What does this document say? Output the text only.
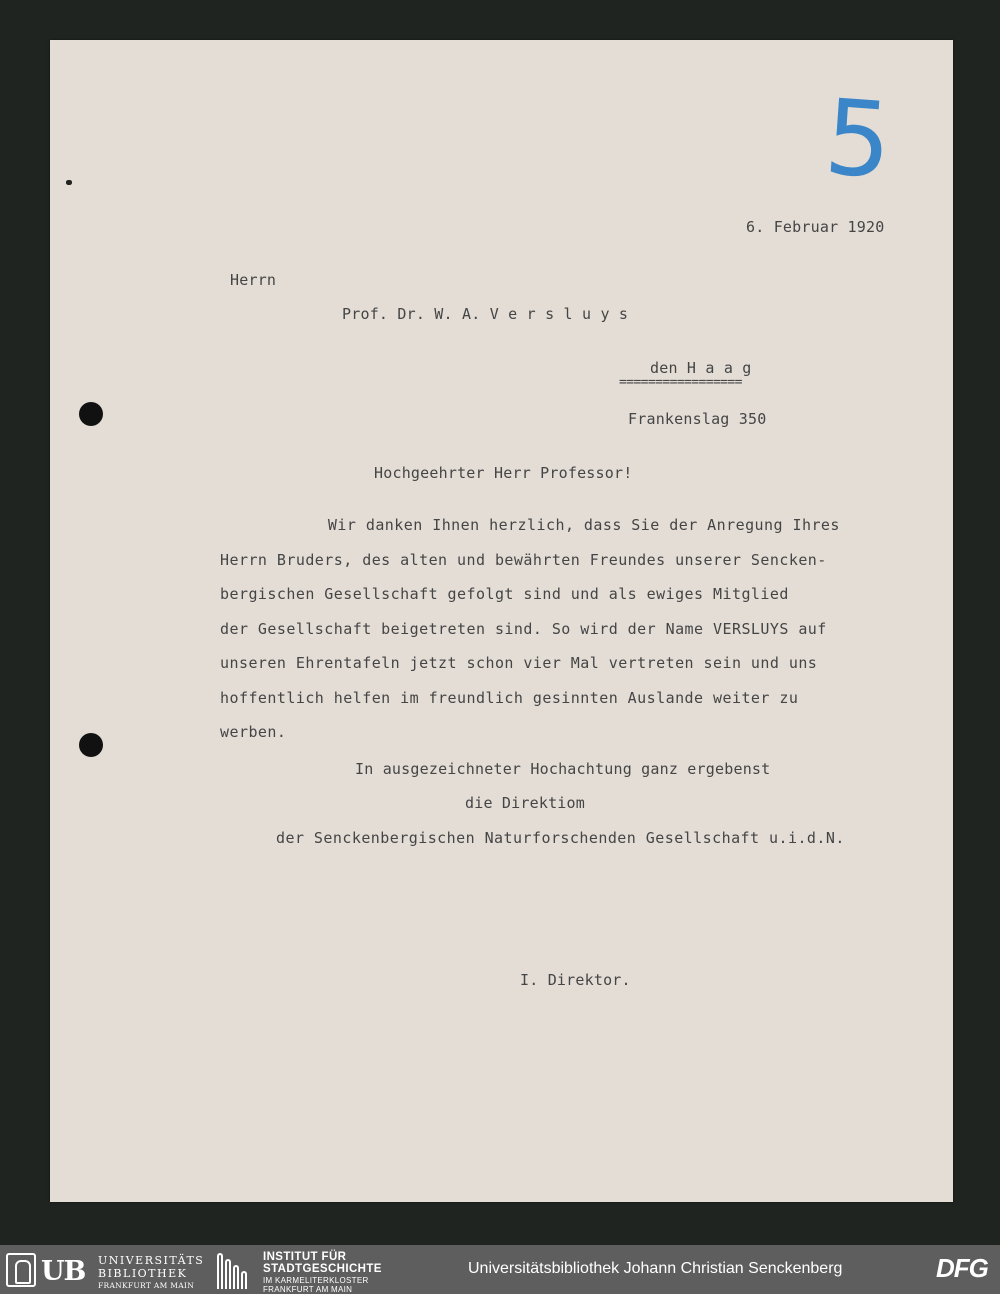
5
6. Februar 1920
Herrn
Prof. Dr. W. A. V e r s l u y s
den H a a g
=================
Frankenslag 350
Hochgeehrter Herr Professor!
Wir danken Ihnen herzlich, dass Sie der Anregung Ihres
Herrn Bruders, des alten und bewährten Freundes unserer Sencken-
bergischen Gesellschaft gefolgt sind und als ewiges Mitglied
der Gesellschaft beigetreten sind. So wird der Name VERSLUYS auf
unseren Ehrentafeln jetzt schon vier Mal vertreten sein und uns
hoffentlich helfen im freundlich gesinnten Auslande weiter zu
werben.
In ausgezeichneter Hochachtung ganz ergebenst
die Direktiom
der Senckenbergischen Naturforschenden Gesellschaft u.i.d.N.
I. Direktor.
UB UNIVERSITÄTS
BIBLIOTHEK
FRANKFURT AM MAIN
INSTITUT FÜR
STADTGESCHICHTE
IM KARMELITERKLOSTER
FRANKFURT AM MAIN
Universitätsbibliothek Johann Christian Senckenberg	DFG
